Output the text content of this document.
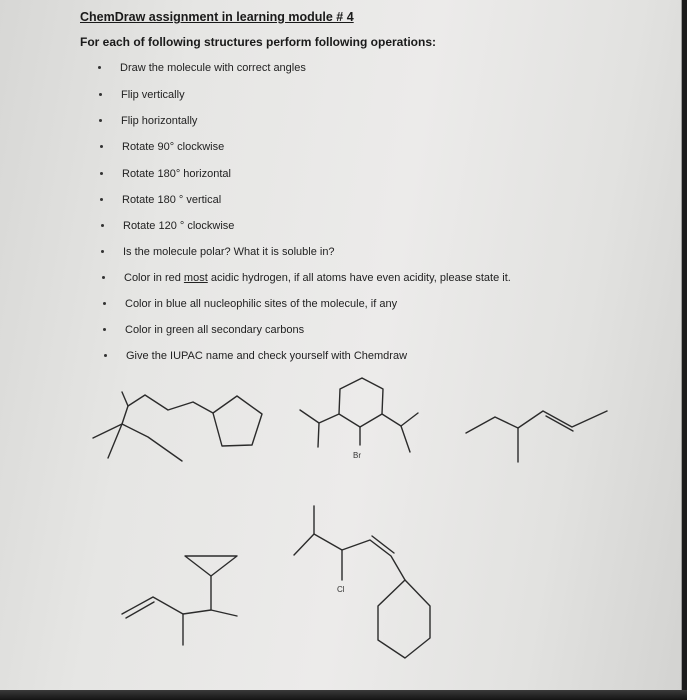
ChemDraw assignment in learning module # 4

For each of following structures perform following operations:

Draw the molecule with correct angles
Flip vertically
Flip horizontally
Rotate 90° clockwise
Rotate 180° horizontal
Rotate 180 ° vertical
Rotate 120 ° clockwise
Is the molecule polar? What it is soluble in?
Color in red most acidic hydrogen, if all atoms have even acidity, please state it.
Color in blue all nucleophilic sites of the molecule, if any
Color in green all secondary carbons
Give the IUPAC name and check yourself with Chemdraw
Br
Cl
